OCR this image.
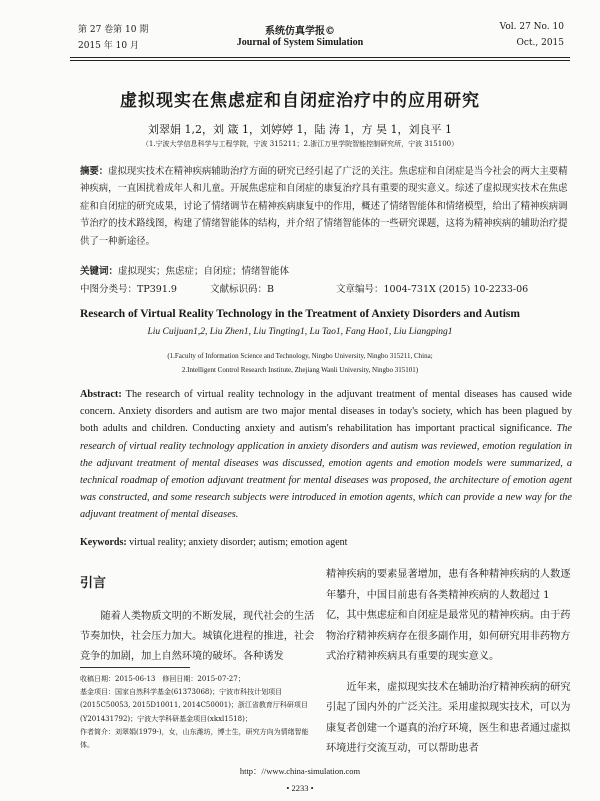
第 27 卷第 10 期
2015 年 10 月
系统仿真学报©
Journal of System Simulation
Vol. 27 No. 10
Oct., 2015
虚拟现实在焦虑症和自闭症治疗中的应用研究
刘翠娟 1,2，刘 箴 1，刘婷婷 1，陆 涛 1，方 昊 1，刘良平 1
（1.宁波大学信息科学与工程学院，宁波 315211；2.浙江万里学院智能控制研究所，宁波 315100）
摘要：虚拟现实技术在精神疾病辅助治疗方面的研究已经引起了广泛的关注。焦虑症和自闭症是当今社会的两大主要精神疾病，一直困扰着成年人和儿童。开展焦虑症和自闭症的康复治疗具有重要的现实意义。综述了虚拟现实技术在焦虑症和自闭症的研究成果，讨论了情绪调节在精神疾病康复中的作用，概述了情绪智能体和情绪模型，给出了精神疾病调节治疗的技术路线图，构建了情绪智能体的结构，并介绍了情绪智能体的一些研究课题，这将为精神疾病的辅助治疗提供了一种新途径。
关键词：虚拟现实；焦虑症；自闭症；情绪智能体
中图分类号：TP391.9	文献标识码：B	文章编号：1004-731X (2015) 10-2233-06
Research of Virtual Reality Technology in the Treatment of Anxiety Disorders and Autism
Liu Cuijuan1,2, Liu Zhen1, Liu Tingting1, Lu Tao1, Fang Hao1, Liu Liangping1
(1.Faculty of Information Science and Technology, Ningbo University, Ningbo 315211, China;
2.Intelligent Control Research Institute, Zhejiang Wanli University, Ningbo 315101)
Abstract: The research of virtual reality technology in the adjuvant treatment of mental diseases has caused wide concern. Anxiety disorders and autism are two major mental diseases in today's society, which has been plagued by both adults and children. Conducting anxiety and autism's rehabilitation has important practical significance. The research of virtual reality technology application in anxiety disorders and autism was reviewed, emotion regulation in the adjuvant treatment of mental diseases was discussed, emotion agents and emotion models were summarized, a technical roadmap of emotion adjuvant treatment for mental diseases was proposed, the architecture of emotion agent was constructed, and some research subjects were introduced in emotion agents, which can provide a new way for the adjuvant treatment of mental diseases.
Keywords: virtual reality; anxiety disorder; autism; emotion agent
引言

随着人类物质文明的不断发展，现代社会的生活节奏加快，社会压力加大。城镇化进程的推进，社会竞争的加剧，加上自然环境的破坏。各种诱发

收稿日期：2015-06-13　修回日期：2015-07-27；
基金项目：国家自然科学基金(61373068)；宁波市科技计划项目(2015C50053, 2015D10011, 2014C50001)；浙江省教育厅科研项目(Y201431792)；宁波大学科研基金项目(xkxl1518)；
作者简介：刘翠娟(1979-)，女，山东潍坊，博士生，研究方向为情绪智能体。

精神疾病的要素显著增加，患有各种精神疾病的人数逐年攀升，中国目前患有各类精神疾病的人数超过 1 亿，其中焦虑症和自闭症是最常见的精神疾病。由于药物治疗精神疾病存在很多副作用，如何研究用非药物方式治疗精神疾病具有重要的现实意义。

近年来，虚拟现实技术在辅助治疗精神疾病的研究引起了国内外的广泛关注。采用虚拟现实技术，可以为康复者创建一个逼真的治疗环境，医生和患者通过虚拟环境进行交流互动，可以帮助患者

http：//www.china-simulation.com
• 2233 •
